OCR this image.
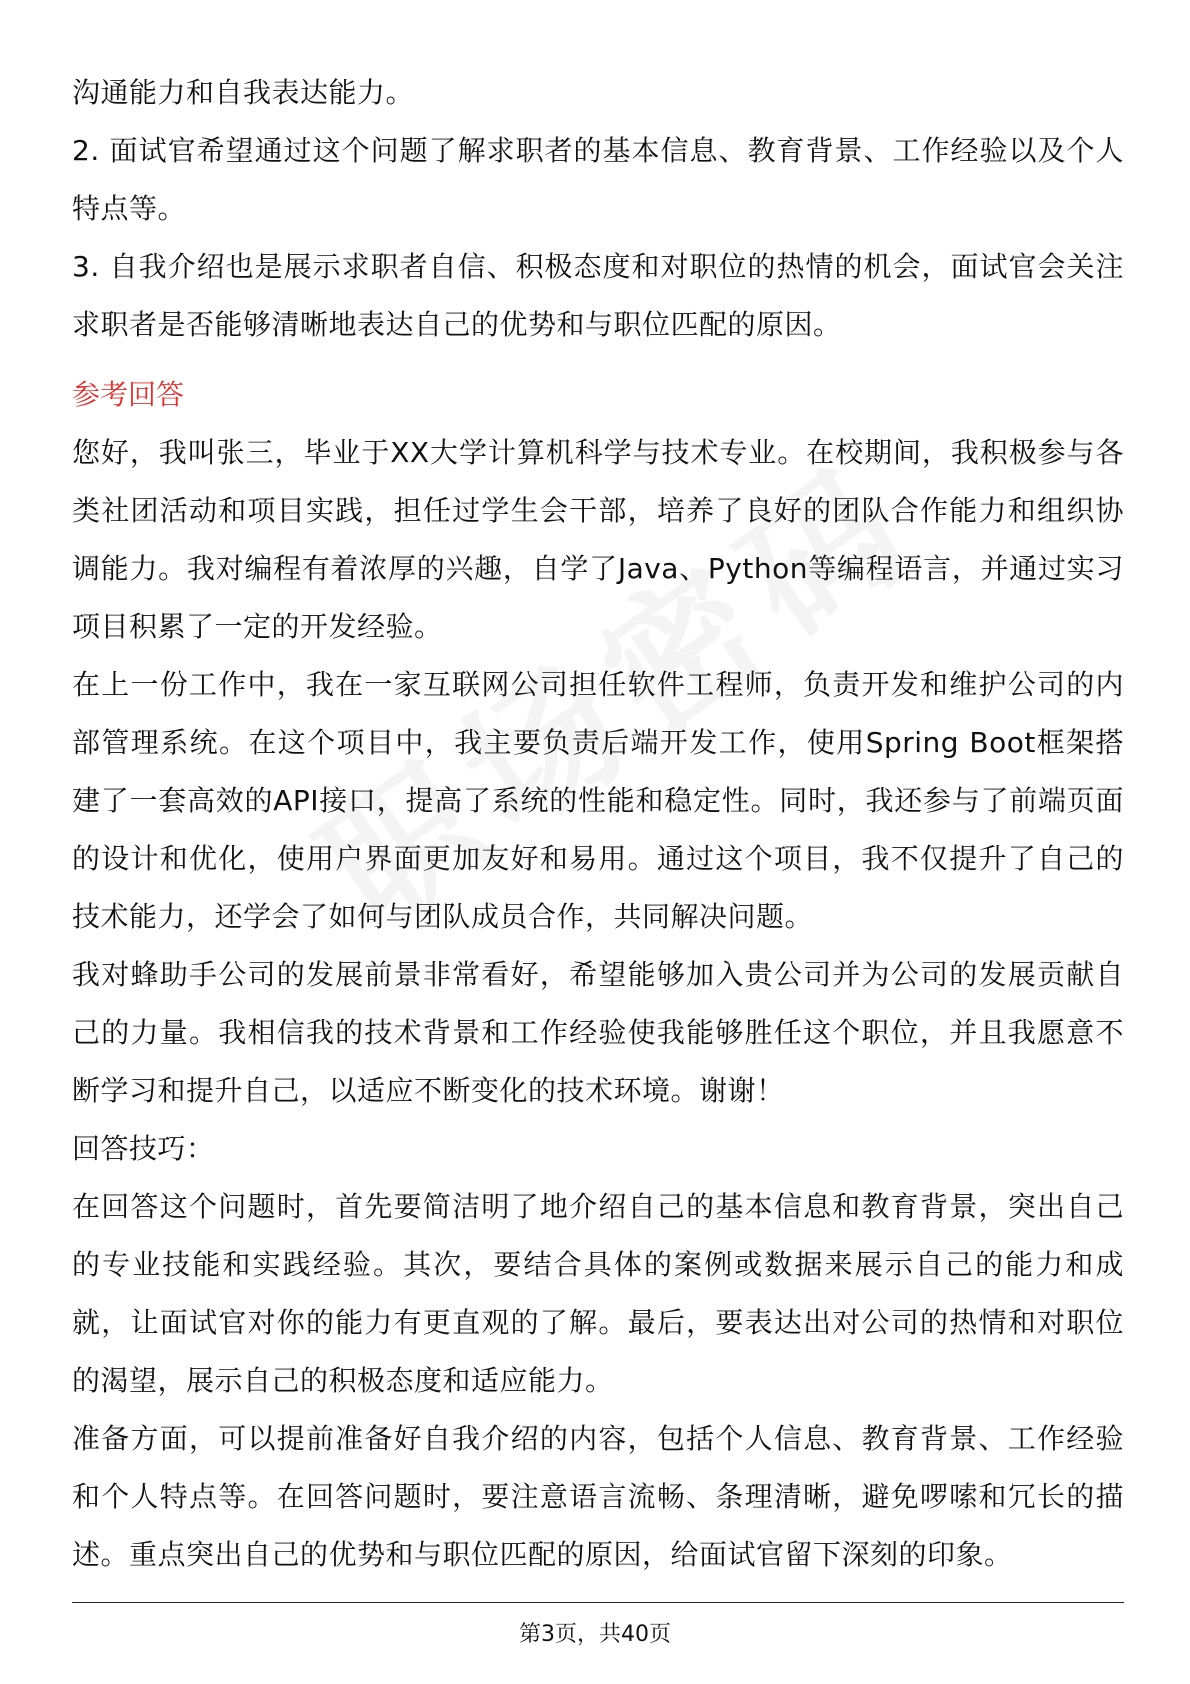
沟通能力和自我表达能力。

2. 面试官希望通过这个问题了解求职者的基本信息、教育背景、工作经验以及个人特点等。

3. 自我介绍也是展示求职者自信、积极态度和对职位的热情的机会，面试官会关注求职者是否能够清晰地表达自己的优势和与职位匹配的原因。

参考回答

您好，我叫张三，毕业于XX大学计算机科学与技术专业。在校期间，我积极参与各类社团活动和项目实践，担任过学生会干部，培养了良好的团队合作能力和组织协调能力。我对编程有着浓厚的兴趣，自学了Java、Python等编程语言，并通过实习项目积累了一定的开发经验。

在上一份工作中，我在一家互联网公司担任软件工程师，负责开发和维护公司的内部管理系统。在这个项目中，我主要负责后端开发工作，使用Spring Boot框架搭建了一套高效的API接口，提高了系统的性能和稳定性。同时，我还参与了前端页面的设计和优化，使用户界面更加友好和易用。通过这个项目，我不仅提升了自己的技术能力，还学会了如何与团队成员合作，共同解决问题。

我对蜂助手公司的发展前景非常看好，希望能够加入贵公司并为公司的发展贡献自己的力量。我相信我的技术背景和工作经验使我能够胜任这个职位，并且我愿意不断学习和提升自己，以适应不断变化的技术环境。谢谢！

回答技巧：

在回答这个问题时，首先要简洁明了地介绍自己的基本信息和教育背景，突出自己的专业技能和实践经验。其次，要结合具体的案例或数据来展示自己的能力和成就，让面试官对你的能力有更直观的了解。最后，要表达出对公司的热情和对职位的渴望，展示自己的积极态度和适应能力。

准备方面，可以提前准备好自我介绍的内容，包括个人信息、教育背景、工作经验和个人特点等。在回答问题时，要注意语言流畅、条理清晰，避免啰嗦和冗长的描述。重点突出自己的优势和与职位匹配的原因，给面试官留下深刻的印象。

第3页，共40页
